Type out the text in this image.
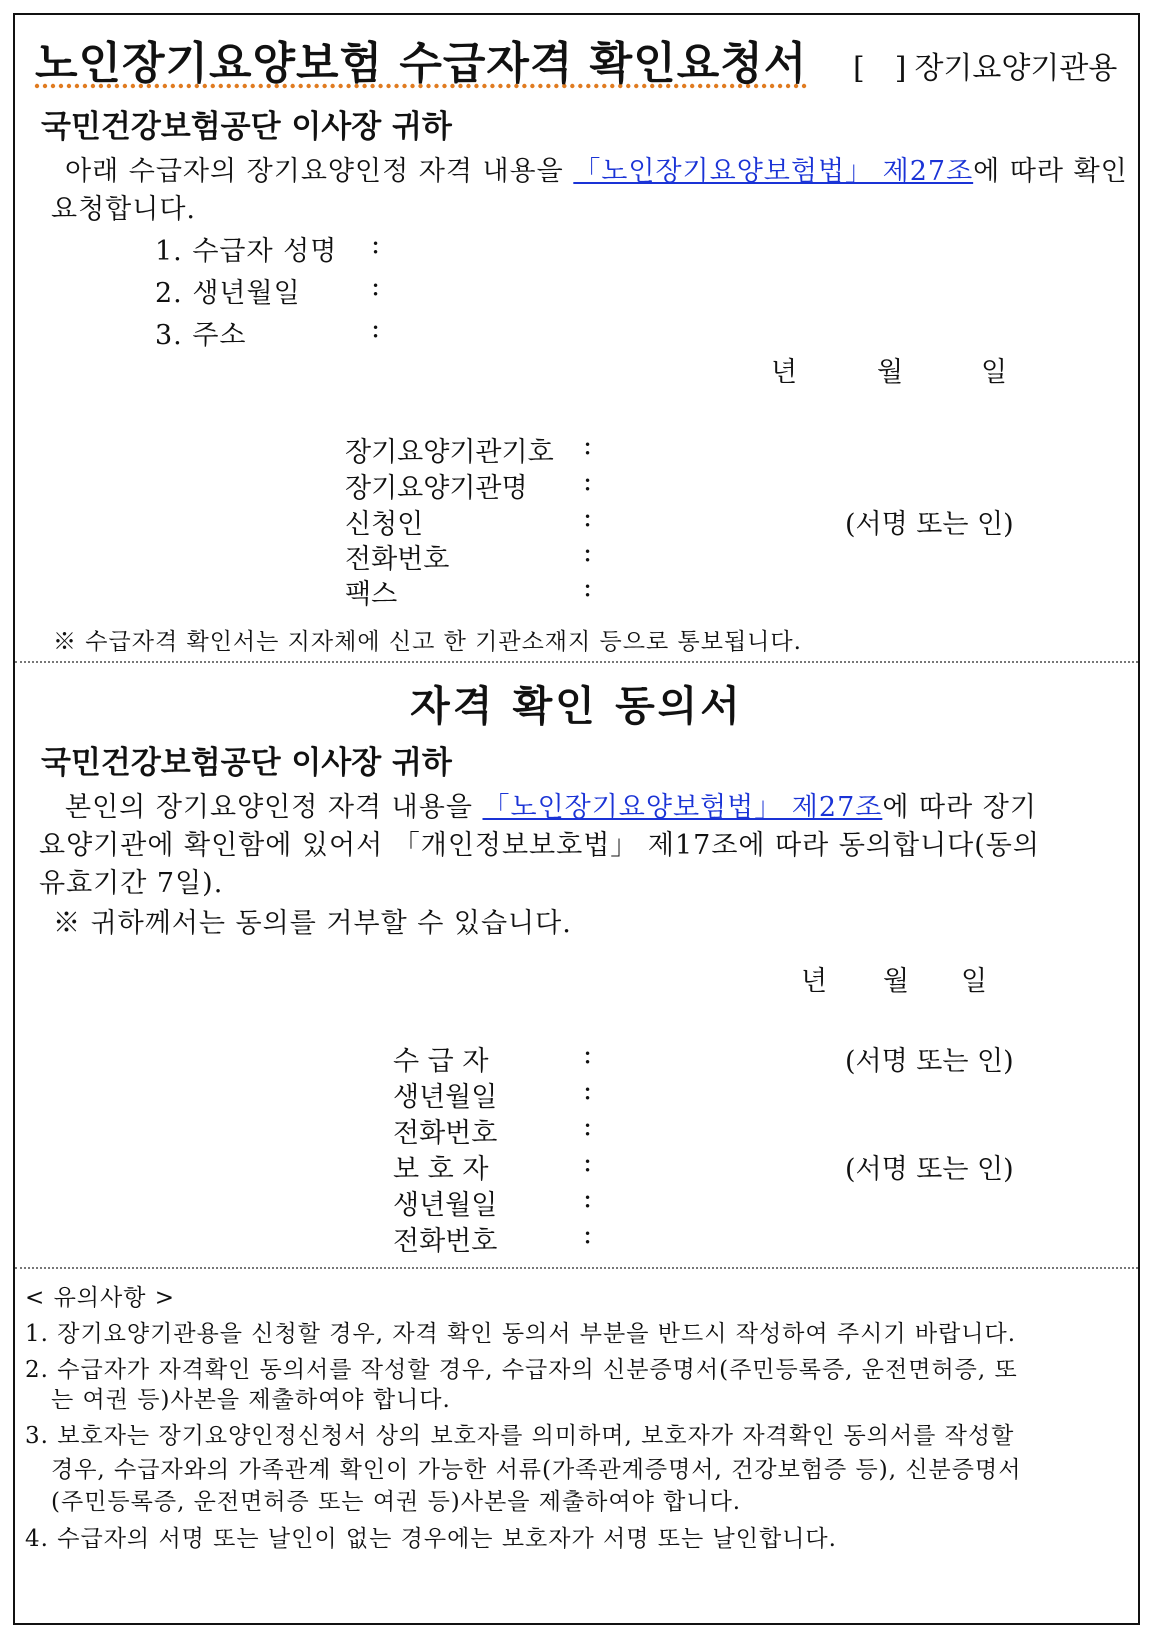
노인장기요양보험 수급자격 확인요청서 [ ] 장기요양기관용
국민건강보험공단 이사장 귀하
아래 수급자의 장기요양인정 자격 내용을 「노인장기요양보험법」 제27조에 따라 확인
요청합니다.
1. 수급자 성명 :
2. 생년월일	:
3. 주소	:
년	월	일
장기요양기관기호 :
장기요양기관명 :
신청인	:	(서명 또는 인)
전화번호	:
팩스	:
※ 수급자격 확인서는 지자체에 신고 한 기관소재지 등으로 통보됩니다.
자격 확인 동의서
국민건강보험공단 이사장 귀하
본인의 장기요양인정 자격 내용을 「노인장기요양보험법」 제27조에 따라 장기
요양기관에 확인함에 있어서 「개인정보보호법」 제17조에 따라 동의합니다(동의
유효기간 7일).
※ 귀하께서는 동의를 거부할 수 있습니다.
년 월 일
수 급 자	:	(서명 또는 인)
생년월일	:
전화번호	:
보 호 자	:	(서명 또는 인)
생년월일	:
전화번호	:
< 유의사항 >
1. 장기요양기관용을 신청할 경우, 자격 확인 동의서 부분을 반드시 작성하여 주시기 바랍니다.
2. 수급자가 자격확인 동의서를 작성할 경우, 수급자의 신분증명서(주민등록증, 운전면허증, 또
는 여권 등)사본을 제출하여야 합니다.
3. 보호자는 장기요양인정신청서 상의 보호자를 의미하며, 보호자가 자격확인 동의서를 작성할
경우, 수급자와의 가족관계 확인이 가능한 서류(가족관계증명서, 건강보험증 등), 신분증명서
(주민등록증, 운전면허증 또는 여권 등)사본을 제출하여야 합니다.
4. 수급자의 서명 또는 날인이 없는 경우에는 보호자가 서명 또는 날인합니다.
